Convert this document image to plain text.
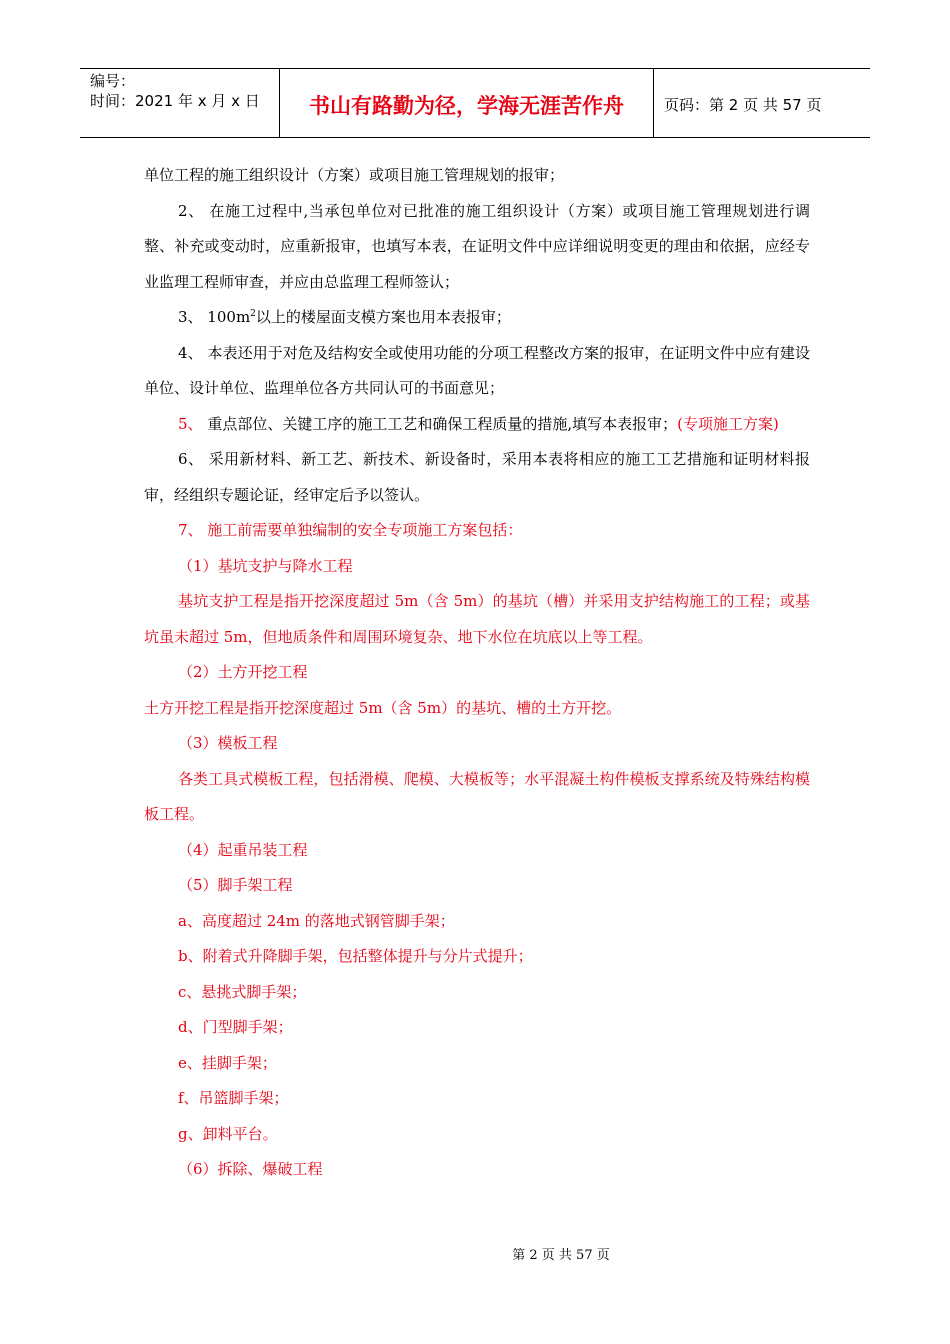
编号：
时间：2021 年 x 月 x 日	书山有路勤为径，学海无涯苦作舟	页码：第 2 页 共 57 页

单位工程的施工组织设计（方案）或项目施工管理规划的报审；

2、 在施工过程中,当承包单位对已批准的施工组织设计（方案）或项目施工管理规划进行调整、补充或变动时，应重新报审，也填写本表，在证明文件中应详细说明变更的理由和依据，应经专业监理工程师审查，并应由总监理工程师签认；

3、 $100m^2$以上的楼屋面支模方案也用本表报审；

4、 本表还用于对危及结构安全或使用功能的分项工程整改方案的报审，在证明文件中应有建设单位、设计单位、监理单位各方共同认可的书面意见；

5、 重点部位、关键工序的施工工艺和确保工程质量的措施,填写本表报审；(专项施工方案)

6、 采用新材料、新工艺、新技术、新设备时，采用本表将相应的施工工艺措施和证明材料报审，经组织专题论证，经审定后予以签认。

7、 施工前需要单独编制的安全专项施工方案包括：

（1）基坑支护与降水工程

基坑支护工程是指开挖深度超过 5m（含 5m）的基坑（槽）并采用支护结构施工的工程；或基坑虽未超过 5m，但地质条件和周围环境复杂、地下水位在坑底以上等工程。

（2）土方开挖工程

土方开挖工程是指开挖深度超过 5m（含 5m）的基坑、槽的土方开挖。

（3）模板工程

各类工具式模板工程，包括滑模、爬模、大模板等；水平混凝土构件模板支撑系统及特殊结构模板工程。

（4）起重吊装工程

（5）脚手架工程

a、高度超过 24m 的落地式钢管脚手架；

b、附着式升降脚手架，包括整体提升与分片式提升；

c、悬挑式脚手架；

d、门型脚手架；

e、挂脚手架；

f、吊篮脚手架；

g、卸料平台。

（6）拆除、爆破工程

第 2 页 共 57 页
